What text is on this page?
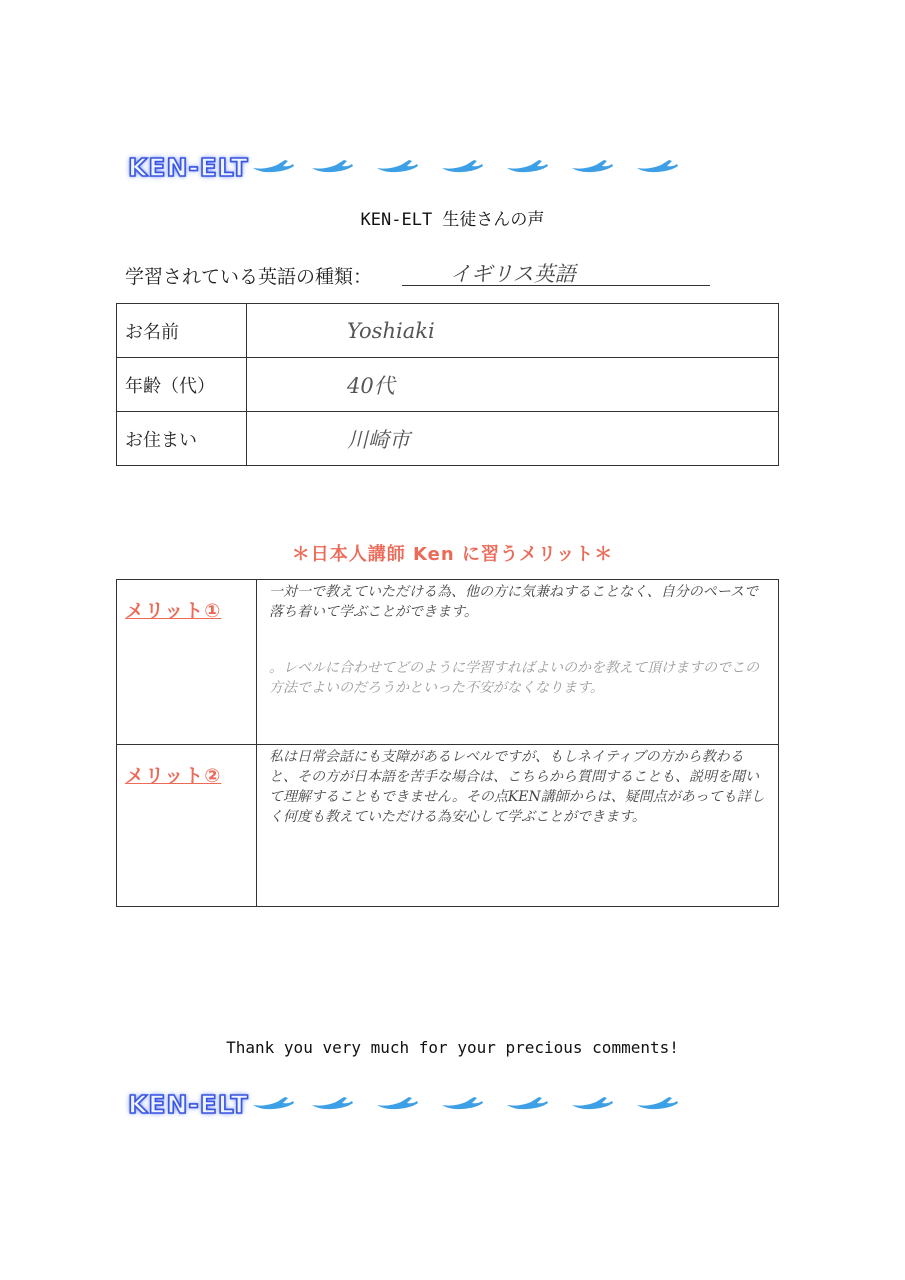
KEN-ELT
KEN-ELT 生徒さんの声
学習されている英語の種類：	イギリス英語
お名前	Yoshiaki
年齢（代）	40代
お住まい	川崎市
＊日本人講師 Ken に習うメリット＊
メリット①	一対一で教えていただける為、他の方に気兼ねすることなく、自分のペースで落ち着いて学ぶことができます。
。レベルに合わせてどのように学習すればよいのかを教えて頂けますのでこの方法でよいのだろうかといった不安がなくなります。

メリット②	私は日常会話にも支障があるレベルですが、もしネイティブの方から教わると、その方が日本語を苦手な場合は、こちらから質問することも、説明を聞いて理解することもできません。その点KEN講師からは、疑問点があっても詳しく何度も教えていただける為安心して学ぶことができます。
Thank you very much for your precious comments!
KEN-ELT
